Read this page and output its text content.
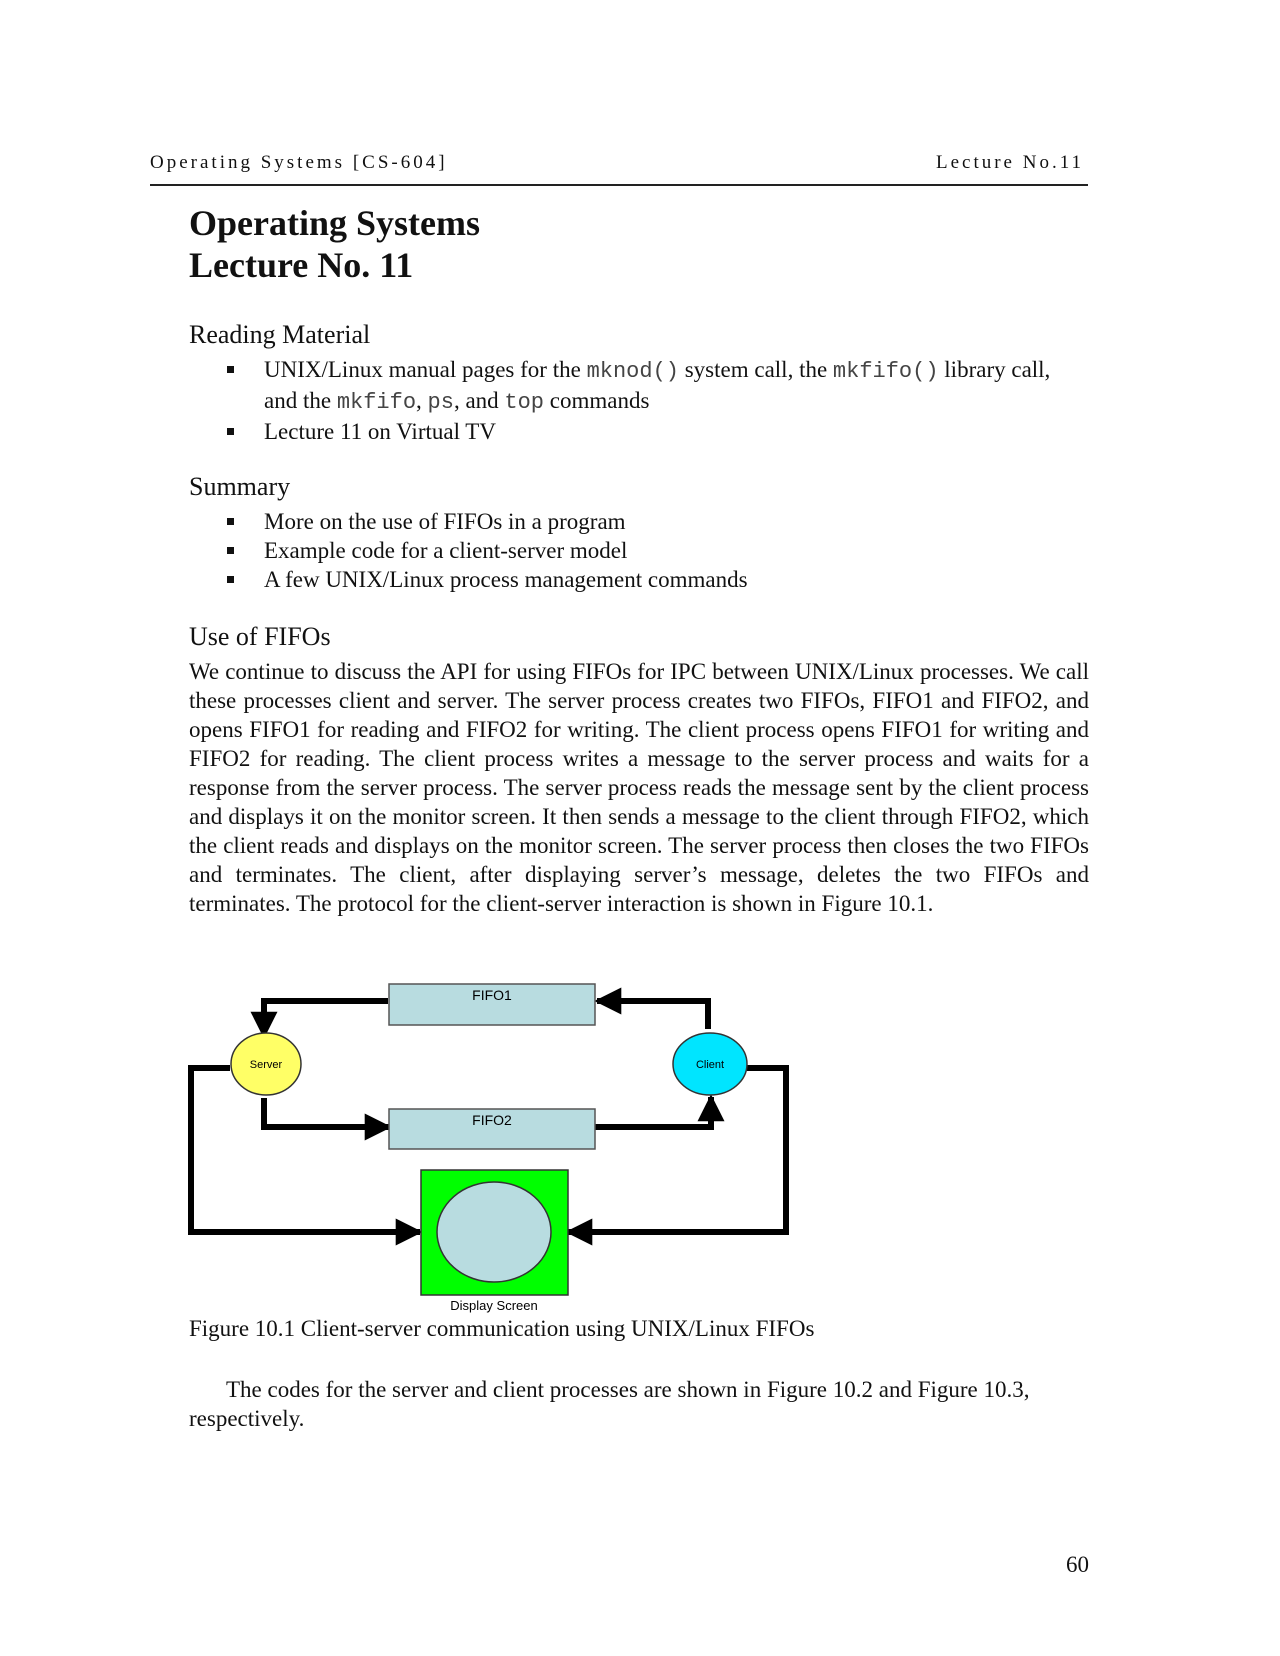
Operating Systems [CS-604]	Lecture No.11
Operating Systems
Lecture No. 11
Reading Material
UNIX/Linux manual pages for the mknod() system call, the mkfifo() library call, and the mkfifo, ps, and top commands
Lecture 11 on Virtual TV
Summary
More on the use of FIFOs in a program
Example code for a client-server model
A few UNIX/Linux process management commands
Use of FIFOs
We continue to discuss the API for using FIFOs for IPC between UNIX/Linux processes. We call these processes client and server. The server process creates two FIFOs, FIFO1 and FIFO2, and opens FIFO1 for reading and FIFO2 for writing. The client process opens FIFO1 for writing and FIFO2 for reading. The client process writes a message to the server process and waits for a response from the server process. The server process reads the message sent by the client process and displays it on the monitor screen. It then sends a message to the client through FIFO2, which the client reads and displays on the monitor screen. The server process then closes the two FIFOs and terminates. The client, after displaying server’s message, deletes the two FIFOs and terminates. The protocol for the client-server interaction is shown in Figure 10.1.
FIFO1
FIFO2
Server	Client
Display Screen
Figure 10.1 Client-server communication using UNIX/Linux FIFOs
The codes for the server and client processes are shown in Figure 10.2 and Figure 10.3, respectively.
60
